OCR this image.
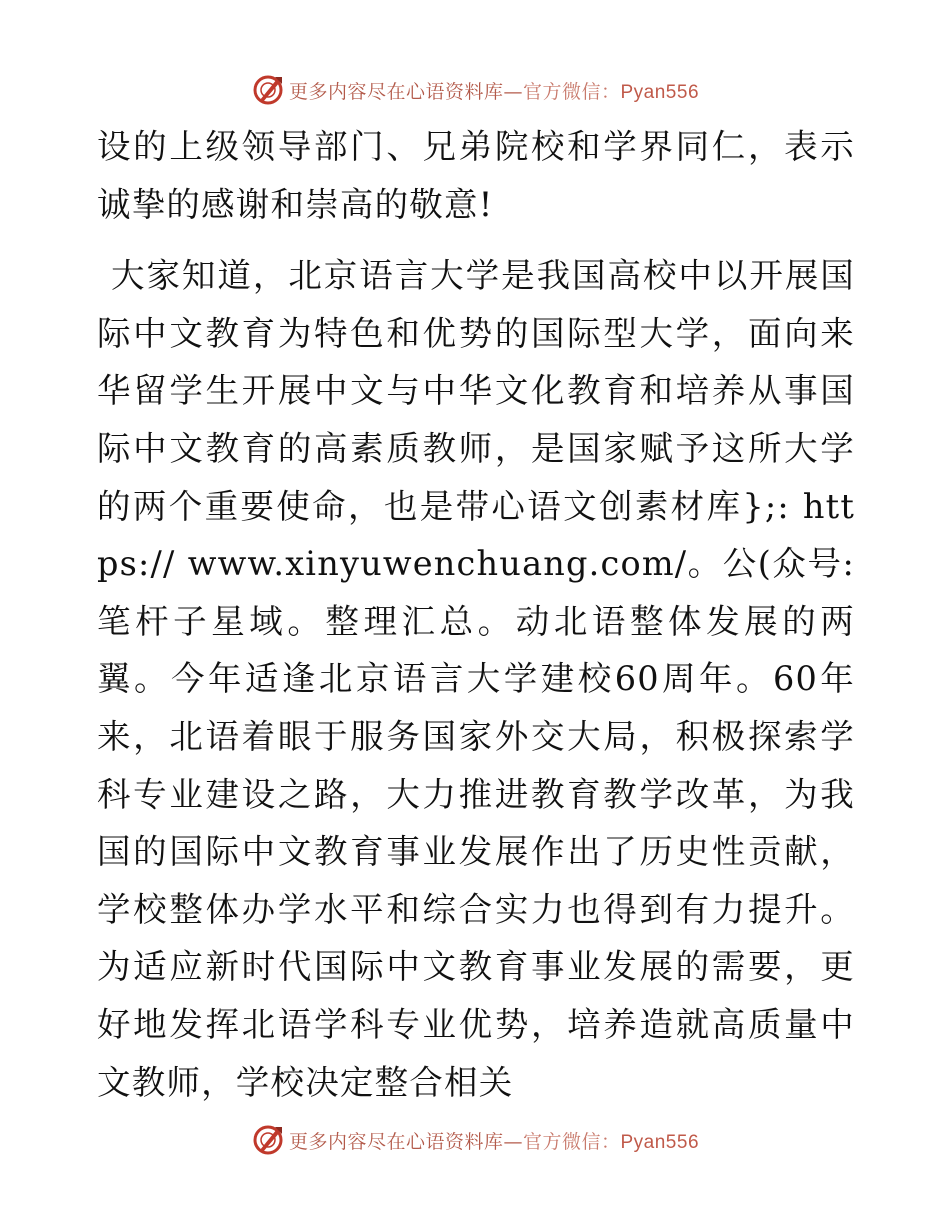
更多内容尽在心语资料库—官方微信：Pyan556

设的上级领导部门、兄弟院校和学界同仁，表示诚挚的感谢和崇高的敬意!

大家知道，北京语言大学是我国高校中以开展国际中文教育为特色和优势的国际型大学，面向来华留学生开展中文与中华文化教育和培养从事国际中文教育的高素质教师，是国家赋予这所大学的两个重要使命，也是带心语文创素材库};: https:// www.xinyuwenchuang.com/。公(众号: 笔杆子星域。整理汇总。动北语整体发展的两翼。今年适逢北京语言大学建校60周年。60年来，北语着眼于服务国家外交大局，积极探索学科专业建设之路，大力推进教育教学改革，为我国的国际中文教育事业发展作出了历史性贡献，学校整体办学水平和综合实力也得到有力提升。为适应新时代国际中文教育事业发展的需要，更好地发挥北语学科专业优势，培养造就高质量中文教师，学校决定整合相关

更多内容尽在心语资料库—官方微信：Pyan556
